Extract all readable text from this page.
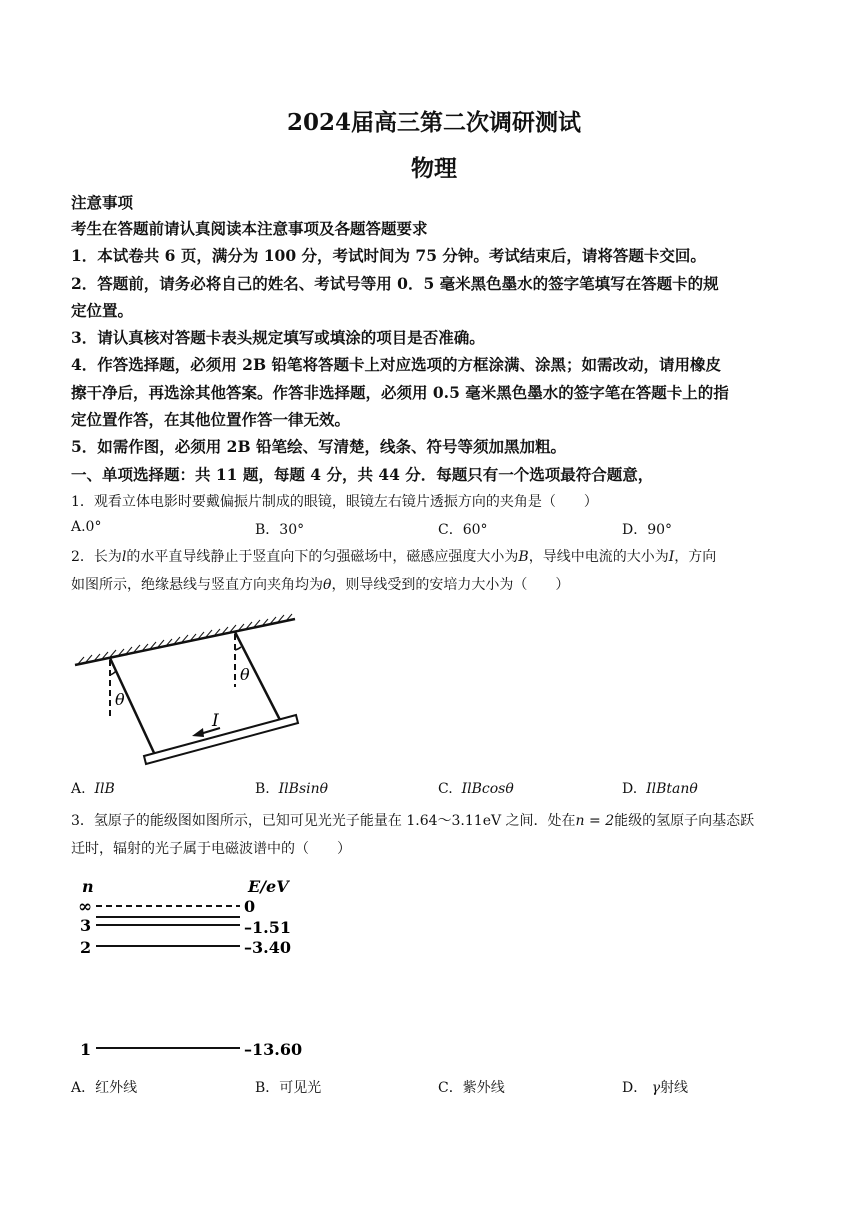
2024届高三第二次调研测试
物理
注意事项
考生在答题前请认真阅读本注意事项及各题答题要求
1．本试卷共 6 页，满分为 100 分，考试时间为 75 分钟。考试结束后，请将答题卡交回。
2．答题前，请务必将自己的姓名、考试号等用 0．5 毫米黑色墨水的签字笔填写在答题卡的规
定位置。
3．请认真核对答题卡表头规定填写或填涂的项目是否准确。
4．作答选择题，必须用 2B 铅笔将答题卡上对应选项的方框涂满、涂黑；如需改动，请用橡皮
擦干净后，再选涂其他答案。作答非选择题，必须用 0.5 毫米黑色墨水的签字笔在答题卡上的指
定位置作答，在其他位置作答一律无效。
5．如需作图，必须用 2B 铅笔绘、写清楚，线条、符号等须加黑加粗。
一、单项选择题：共 11 题，每题 4 分，共 44 分．每题只有一个选项最符合题意，
1．观看立体电影时要戴偏振片制成的眼镜，眼镜左右镜片透振方向的夹角是（　　）
A.0°	B．30°	C．60°	D．90°
2．长为l的水平直导线静止于竖直向下的匀强磁场中，磁感应强度大小为B，导线中电流的大小为I，方向
如图所示，绝缘悬线与竖直方向夹角均为θ，则导线受到的安培力大小为（　　）
θ
θ
I
A. IlB	B. IlBsinθ	C. IlBcosθ	D. IlBtanθ
3．氢原子的能级图如图所示，已知可见光光子能量在 1.64～3.11eV 之间．处在n = 2能级的氢原子向基态跃
迁时，辐射的光子属于电磁波谱中的（　　）
n	E/eV
∞	0
3	–1.51
2	–3.40
1	–13.60
A．红外线	B．可见光	C．紫外线	D． γ射线
